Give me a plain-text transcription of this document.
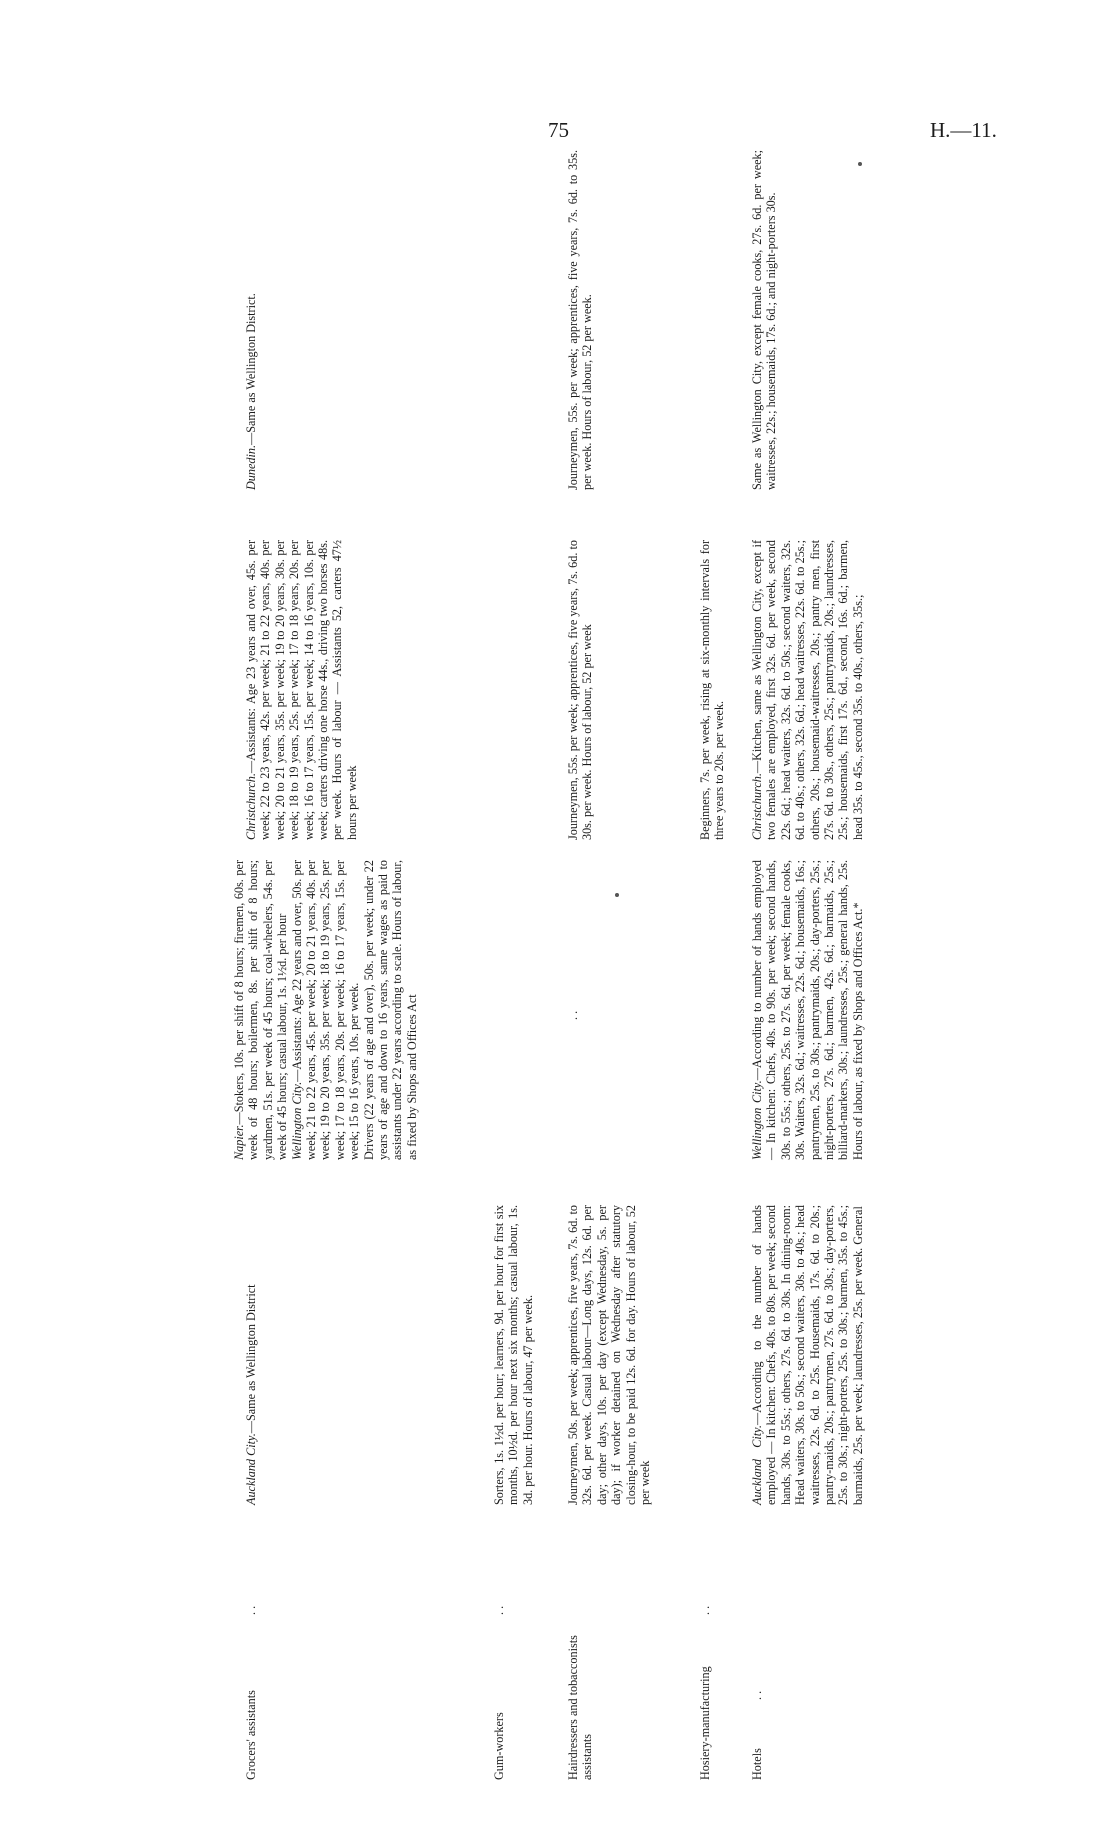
75	H.—11.
Grocers' assistants
. .
Auckland City.—Same as Wellington District
Napier.—Stokers, 10s. per shift of 8 hours; firemen, 60s. per week of 48 hours; boilermen, 8s. per shift of 8 hours; yardmen, 51s. per week of 45 hours; coal-wheelers, 54s. per week of 45 hours; casual labour, 1s. 1½d. per hour Wellington City.—Assistants: Age 22 years and over, 50s. per week; 21 to 22 years, 45s. per week; 20 to 21 years, 40s. per week; 19 to 20 years, 35s. per week; 18 to 19 years, 25s. per week; 17 to 18 years, 20s. per week; 16 to 17 years, 15s. per week; 15 to 16 years, 10s. per week. Drivers (22 years of age and over), 50s. per week; under 22 years of age and down to 16 years, same wages as paid to assistants under 22 years according to scale. Hours of labour, as fixed by Shops and Offices Act
Christchurch.—Assistants: Age 23 years and over, 45s. per week; 22 to 23 years, 42s. per week; 21 to 22 years, 40s. per week; 20 to 21 years, 35s. per week; 19 to 20 years, 30s. per week; 18 to 19 years, 25s. per week; 17 to 18 years, 20s. per week; 16 to 17 years, 15s. per week; 14 to 16 years, 10s. per week; carters driving one horse 44s., driving two horses 48s. per week. Hours of labour — Assistants 52, carters 47½ hours per week
Dunedin.—Same as Wellington District.
Gum-workers
. .
Sorters, 1s. 1½d. per hour; learners, 9d. per hour for first six months, 10½d. per hour next six months; casual labour, 1s. 3d. per hour. Hours of labour, 47 per week.
Hairdressers and tobacconists assistants
Journeymen, 50s. per week; apprentices, five years, 7s. 6d. to 32s. 6d. per week. Casual labour—Long days, 12s. 6d. per day; other days, 10s. per day (except Wednesday, 5s. per day); if worker detained on Wednesday after statutory closing-hour, to be paid 12s. 6d. for day. Hours of labour, 52 per week
. .
Journeymen, 55s. per week; apprentices, five years, 7s. 6d. to 30s. per week. Hours of labour, 52 per week
Journeymen, 55s. per week; apprentices, five years, 7s. 6d. to 35s. per week. Hours of labour, 52 per week.
Hosiery-manufacturing
. .
Beginners, 7s. per week, rising at six-monthly intervals for three years to 20s. per week.
Hotels
. .
Auckland City.—According to the number of hands employed — In kitchen: Chefs, 40s. to 80s. per week; second hands, 30s. to 55s.; others, 27s. 6d. to 30s. In dining-room: Head waiters, 30s. to 50s.; second waiters, 30s. to 40s.; head waitresses, 22s. 6d. to 25s. Housemaids, 17s. 6d. to 20s.; pantry-maids, 20s.; pantrymen, 27s. 6d. to 30s.; day-porters, 25s. to 30s.; night-porters, 25s. to 30s.; barmen, 35s. to 45s.; barmaids, 25s. per week; laundresses, 25s. per week. General
Wellington City.—According to number of hands employed — In kitchen: Chefs, 40s. to 90s. per week; second hands, 30s. to 55s.; others, 25s. to 27s. 6d. per week; female cooks, 30s. Waiters, 32s. 6d.; waitresses, 22s. 6d.; housemaids, 16s.; pantrymen, 25s. to 30s.; pantrymaids, 20s.; day-porters, 25s.; night-porters, 27s. 6d.; barmen, 42s. 6d.; barmaids, 25s.; billiard-markers, 30s.; laundresses, 25s.; general hands, 25s. Hours of labour, as fixed by Shops and Offices Act.*
Christchurch.—Kitchen, same as Wellington City, except if two females are employed, first 32s. 6d. per week, second 22s. 6d.; head waiters, 32s. 6d. to 50s.; second waiters, 32s. 6d. to 40s.; others, 32s. 6d.; head waitresses, 22s. 6d. to 25s.; others, 20s.; housemaid-waitresses, 20s.; pantry men, first 27s. 6d. to 30s., others, 25s.; pantrymaids, 20s.; laundresses, 25s.; housemaids, first 17s. 6d., second, 16s. 6d.; barmen, head 35s. to 45s., second 35s. to 40s., others, 35s.;
Same as Wellington City, except female cooks, 27s. 6d. per week; waitresses, 22s.; housemaids, 17s. 6d.; and night-porters 30s.
